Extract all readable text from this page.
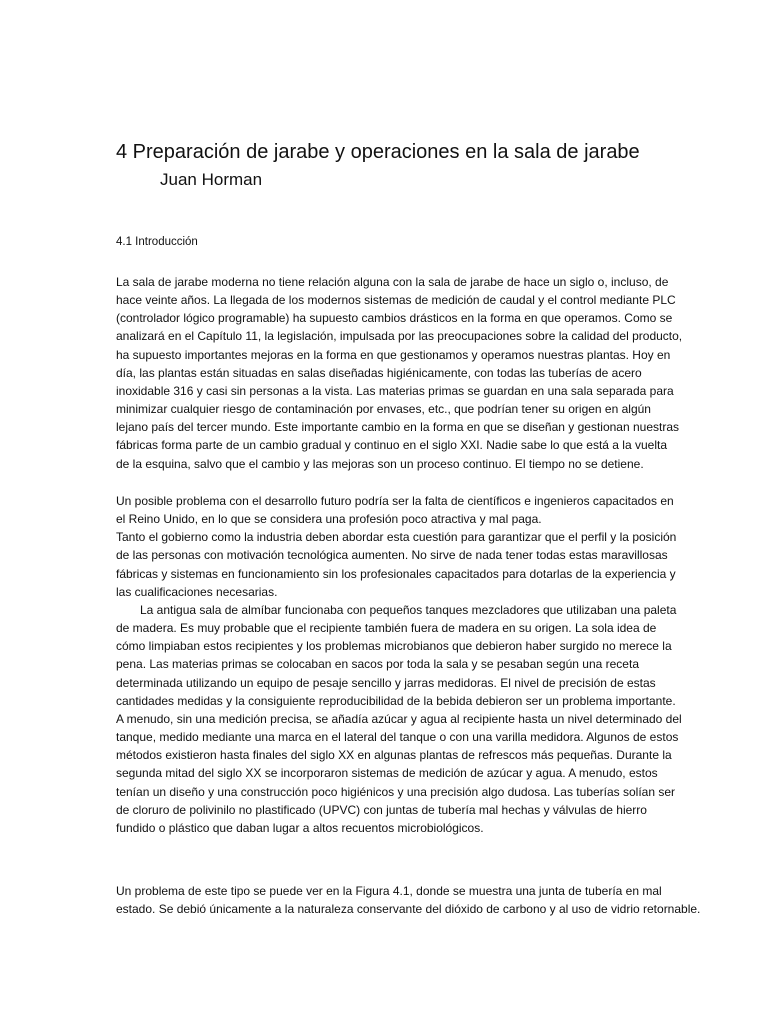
4 Preparación de jarabe y operaciones en la sala de jarabe
Juan Horman
4.1 Introducción
La sala de jarabe moderna no tiene relación alguna con la sala de jarabe de hace un siglo o, incluso, de
hace veinte años. La llegada de los modernos sistemas de medición de caudal y el control mediante PLC
(controlador lógico programable) ha supuesto cambios drásticos en la forma en que operamos. Como se
analizará en el Capítulo 11, la legislación, impulsada por las preocupaciones sobre la calidad del producto,
ha supuesto importantes mejoras en la forma en que gestionamos y operamos nuestras plantas. Hoy en
día, las plantas están situadas en salas diseñadas higiénicamente, con todas las tuberías de acero
inoxidable 316 y casi sin personas a la vista. Las materias primas se guardan en una sala separada para
minimizar cualquier riesgo de contaminación por envases, etc., que podrían tener su origen en algún
lejano país del tercer mundo. Este importante cambio en la forma en que se diseñan y gestionan nuestras
fábricas forma parte de un cambio gradual y continuo en el siglo XXI. Nadie sabe lo que está a la vuelta
de la esquina, salvo que el cambio y las mejoras son un proceso continuo. El tiempo no se detiene.
Un posible problema con el desarrollo futuro podría ser la falta de científicos e ingenieros capacitados en
el Reino Unido, en lo que se considera una profesión poco atractiva y mal paga.
Tanto el gobierno como la industria deben abordar esta cuestión para garantizar que el perfil y la posición
de las personas con motivación tecnológica aumenten. No sirve de nada tener todas estas maravillosas
fábricas y sistemas en funcionamiento sin los profesionales capacitados para dotarlas de la experiencia y
las cualificaciones necesarias.
La antigua sala de almíbar funcionaba con pequeños tanques mezcladores que utilizaban una paleta
de madera. Es muy probable que el recipiente también fuera de madera en su origen. La sola idea de
cómo limpiaban estos recipientes y los problemas microbianos que debieron haber surgido no merece la
pena. Las materias primas se colocaban en sacos por toda la sala y se pesaban según una receta
determinada utilizando un equipo de pesaje sencillo y jarras medidoras. El nivel de precisión de estas
cantidades medidas y la consiguiente reproducibilidad de la bebida debieron ser un problema importante.
A menudo, sin una medición precisa, se añadía azúcar y agua al recipiente hasta un nivel determinado del
tanque, medido mediante una marca en el lateral del tanque o con una varilla medidora. Algunos de estos
métodos existieron hasta finales del siglo XX en algunas plantas de refrescos más pequeñas. Durante la
segunda mitad del siglo XX se incorporaron sistemas de medición de azúcar y agua. A menudo, estos
tenían un diseño y una construcción poco higiénicos y una precisión algo dudosa. Las tuberías solían ser
de cloruro de polivinilo no plastificado (UPVC) con juntas de tubería mal hechas y válvulas de hierro
fundido o plástico que daban lugar a altos recuentos microbiológicos.
Un problema de este tipo se puede ver en la Figura 4.1, donde se muestra una junta de tubería en mal
estado. Se debió únicamente a la naturaleza conservante del dióxido de carbono y al uso de vidrio retornable.
